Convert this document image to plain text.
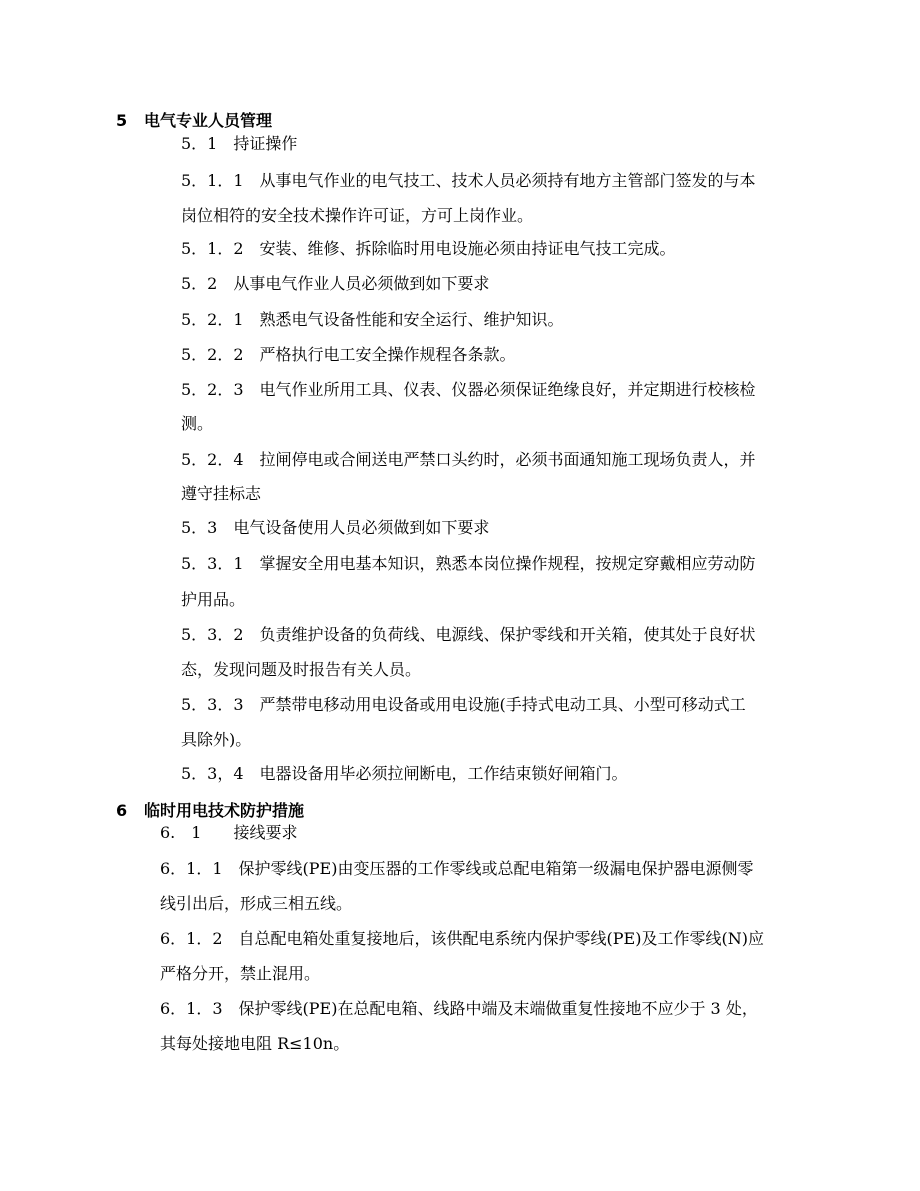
5 电气专业人员管理
5．1　持证操作
5．1．1　从事电气作业的电气技工、技术人员必须持有地方主管部门签发的与本
岗位相符的安全技术操作许可证，方可上岗作业。
5．1．2　安装、维修、拆除临时用电设施必须由持证电气技工完成。
5．2　从事电气作业人员必须做到如下要求
5．2．1　熟悉电气设备性能和安全运行、维护知识。
5．2．2　严格执行电工安全操作规程各条款。
5．2．3　电气作业所用工具、仪表、仪器必须保证绝缘良好，并定期进行校核检
测。
5．2．4　拉闸停电或合闸送电严禁口头约时，必须书面通知施工现场负责人，并
遵守挂标志
5．3　电气设备使用人员必须做到如下要求
5．3．1　掌握安全用电基本知识，熟悉本岗位操作规程，按规定穿戴相应劳动防
护用品。
5．3．2　负责维护设备的负荷线、电源线、保护零线和开关箱，使其处于良好状
态，发现问题及时报告有关人员。
5．3．3　严禁带电移动用电设备或用电设施(手持式电动工具、小型可移动式工
具除外)。
5．3，4　电器设备用毕必须拉闸断电，工作结束锁好闸箱门。
6 临时用电技术防护措施
6.　1　　接线要求
6．1．1　保护零线(PE)由变压器的工作零线或总配电箱第一级漏电保护器电源侧零
线引出后，形成三相五线。
6．1．2　自总配电箱处重复接地后，该供配电系统内保护零线(PE)及工作零线(N)应
严格分开，禁止混用。
6．1．3　保护零线(PE)在总配电箱、线路中端及末端做重复性接地不应少于 3 处，
其每处接地电阻 R≤10n。
